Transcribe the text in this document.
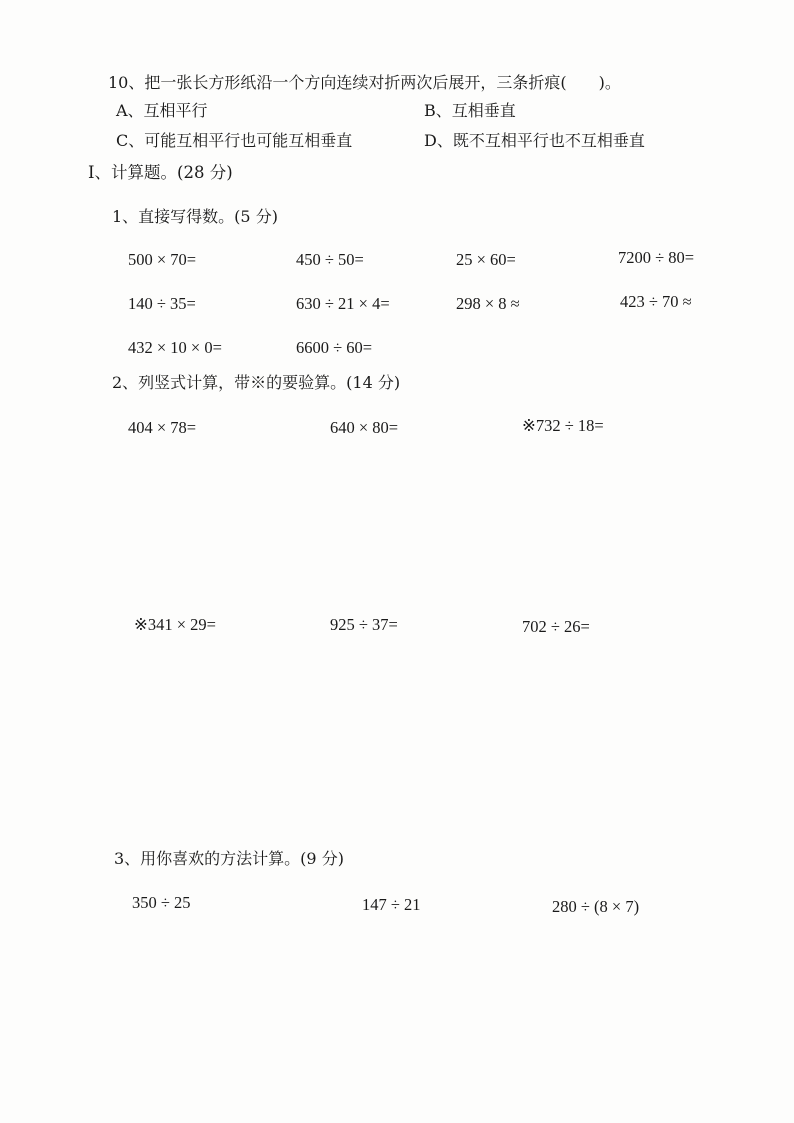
10、把一张长方形纸沿一个方向连续对折两次后展开，三条折痕(　　)。
A、互相平行	B、互相垂直
C、可能互相平行也可能互相垂直	D、既不互相平行也不互相垂直
Ⅰ、计算题。(28 分)
1、直接写得数。(5 分)
500 × 70=	450 ÷ 50=	25 × 60=	7200 ÷ 80=
140 ÷ 35=	630 ÷ 21 × 4=	298 × 8 ≈	423 ÷ 70 ≈
432 × 10 × 0=	6600 ÷ 60=
2、列竖式计算，带※的要验算。(14 分)
404 × 78=	640 × 80=	※732 ÷ 18=
※341 × 29=	925 ÷ 37=	702 ÷ 26=
3、用你喜欢的方法计算。(9 分)
350 ÷ 25	147 ÷ 21	280 ÷ (8 × 7)
